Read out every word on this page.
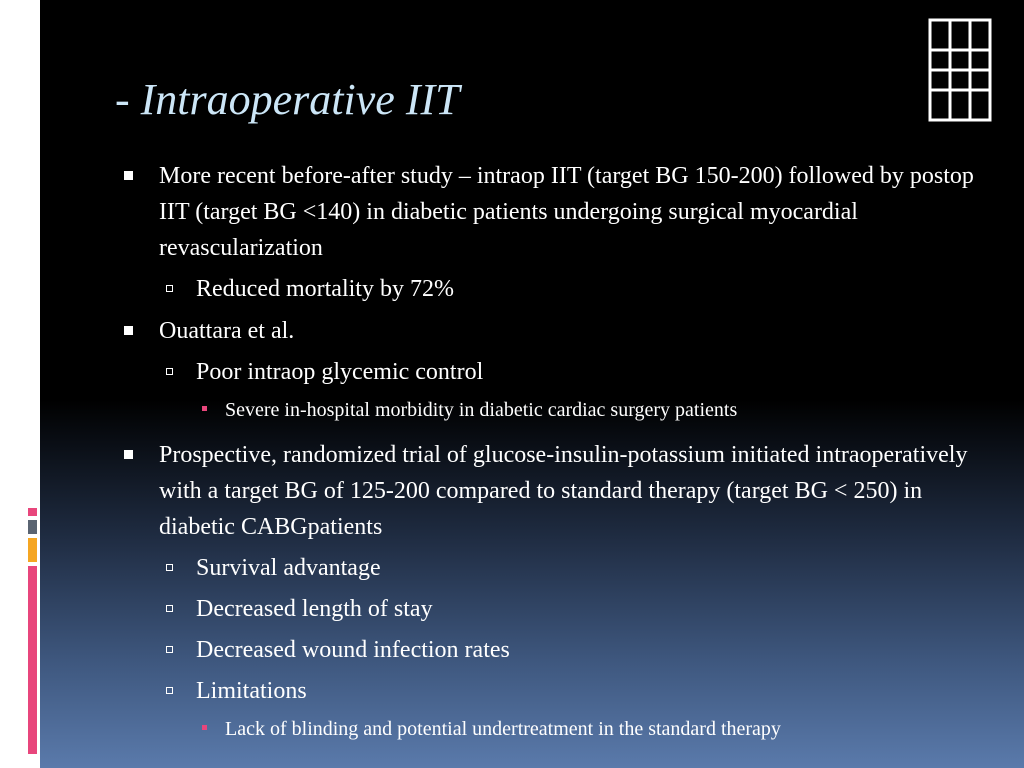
- Intraoperative IIT
More recent before-after study – intraop IIT (target BG 150-200) followed by postop IIT (target BG <140) in diabetic patients undergoing surgical myocardial revascularization
Reduced mortality by 72%
Ouattara et al.
Poor intraop glycemic control
Severe in-hospital morbidity in diabetic cardiac surgery patients
Prospective, randomized trial of glucose-insulin-potassium initiated intraoperatively with a target BG of 125-200 compared to standard therapy (target BG < 250) in diabetic CABGpatients
Survival advantage
Decreased length of stay
Decreased wound infection rates
Limitations
Lack of blinding and potential undertreatment in the standard therapy
